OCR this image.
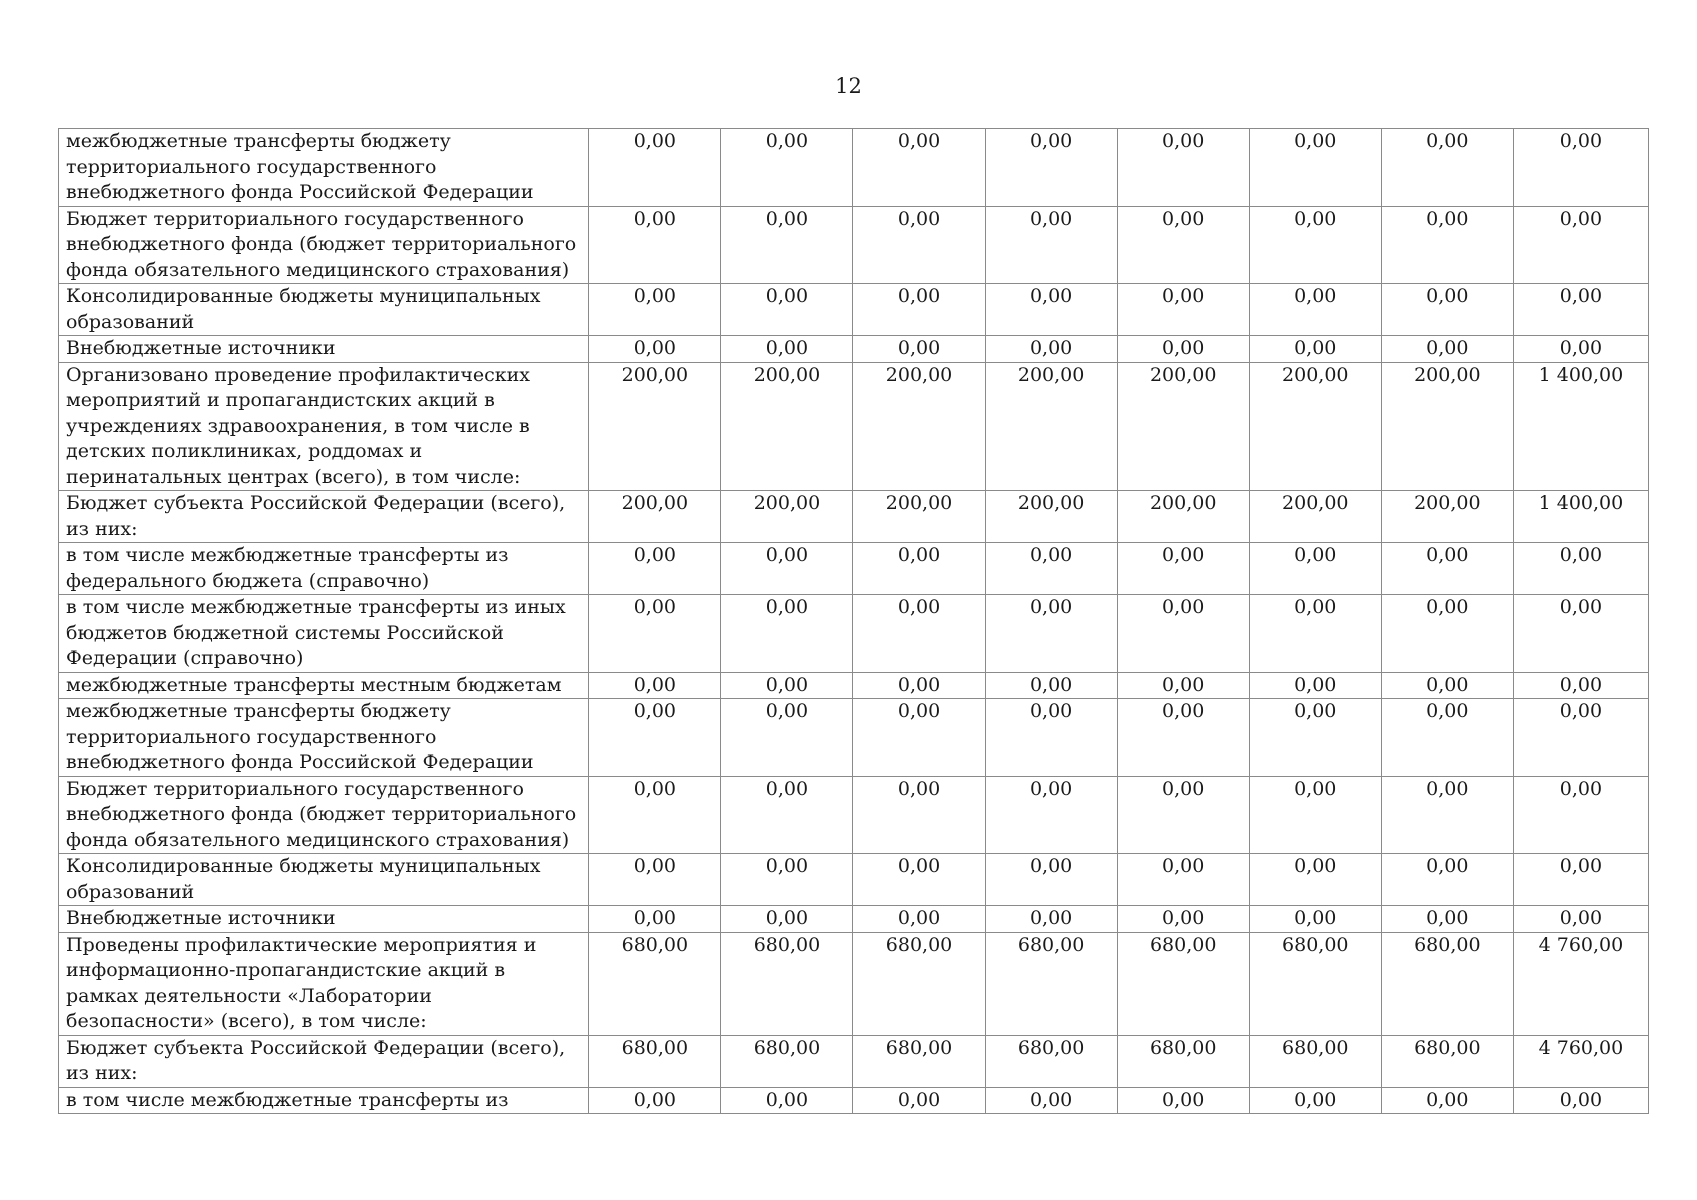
12
межбюджетные трансферты бюджету территориального государственного внебюджетного фонда Российской Федерации	0,00	0,00	0,00	0,00	0,00	0,00	0,00	0,00
Бюджет территориального государственного внебюджетного фонда (бюджет территориального фонда обязательного медицинского страхования)	0,00	0,00	0,00	0,00	0,00	0,00	0,00	0,00
Консолидированные бюджеты муниципальных образований	0,00	0,00	0,00	0,00	0,00	0,00	0,00	0,00
Внебюджетные источники	0,00	0,00	0,00	0,00	0,00	0,00	0,00	0,00
Организовано проведение профилактических мероприятий и пропагандистских акций в учреждениях здравоохранения, в том числе в детских поликлиниках, роддомах и перинатальных центрах (всего), в том числе:	200,00	200,00	200,00	200,00	200,00	200,00	200,00	1 400,00
Бюджет субъекта Российской Федерации (всего), из них:	200,00	200,00	200,00	200,00	200,00	200,00	200,00	1 400,00
в том числе межбюджетные трансферты из федерального бюджета (справочно)	0,00	0,00	0,00	0,00	0,00	0,00	0,00	0,00
в том числе межбюджетные трансферты из иных бюджетов бюджетной системы Российской Федерации (справочно)	0,00	0,00	0,00	0,00	0,00	0,00	0,00	0,00
межбюджетные трансферты местным бюджетам	0,00	0,00	0,00	0,00	0,00	0,00	0,00	0,00
межбюджетные трансферты бюджету территориального государственного внебюджетного фонда Российской Федерации	0,00	0,00	0,00	0,00	0,00	0,00	0,00	0,00
Бюджет территориального государственного внебюджетного фонда (бюджет территориального фонда обязательного медицинского страхования)	0,00	0,00	0,00	0,00	0,00	0,00	0,00	0,00
Консолидированные бюджеты муниципальных образований	0,00	0,00	0,00	0,00	0,00	0,00	0,00	0,00
Внебюджетные источники	0,00	0,00	0,00	0,00	0,00	0,00	0,00	0,00
Проведены профилактические мероприятия и информационно-пропагандистские акций в рамках деятельности «Лаборатории безопасности» (всего), в том числе:	680,00	680,00	680,00	680,00	680,00	680,00	680,00	4 760,00
Бюджет субъекта Российской Федерации (всего), из них:	680,00	680,00	680,00	680,00	680,00	680,00	680,00	4 760,00
в том числе межбюджетные трансферты из	0,00	0,00	0,00	0,00	0,00	0,00	0,00	0,00
